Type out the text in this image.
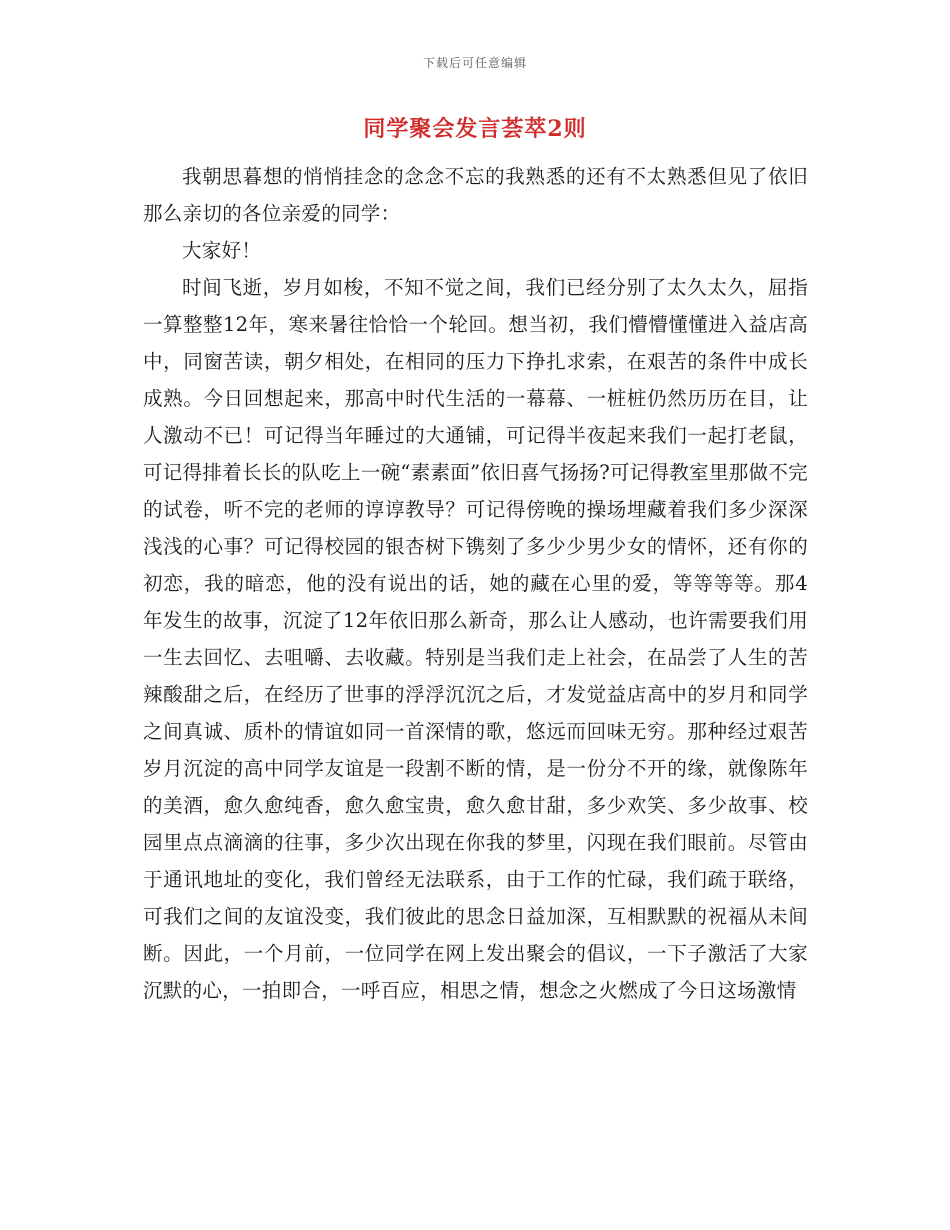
下载后可任意编辑
同学聚会发言荟萃2则

我朝思暮想的悄悄挂念的念念不忘的我熟悉的还有不太熟悉但见了依旧那么亲切的各位亲爱的同学：

大家好！

时间飞逝，岁月如梭，不知不觉之间，我们已经分别了太久太久，屈指一算整整12年，寒来暑往恰恰一个轮回。想当初，我们懵懵懂懂进入益店高中，同窗苦读，朝夕相处，在相同的压力下挣扎求索，在艰苦的条件中成长成熟。今日回想起来，那高中时代生活的一幕幕、一桩桩仍然历历在目，让人激动不已！可记得当年睡过的大通铺，可记得半夜起来我们一起打老鼠，可记得排着长长的队吃上一碗“素素面”依旧喜气扬扬?可记得教室里那做不完的试卷，听不完的老师的谆谆教导？可记得傍晚的操场埋藏着我们多少深深浅浅的心事？可记得校园的银杏树下镌刻了多少少男少女的情怀，还有你的初恋，我的暗恋，他的没有说出的话，她的藏在心里的爱，等等等等。那4年发生的故事，沉淀了12年依旧那么新奇，那么让人感动，也许需要我们用一生去回忆、去咀嚼、去收藏。特别是当我们走上社会，在品尝了人生的苦辣酸甜之后，在经历了世事的浮浮沉沉之后，才发觉益店高中的岁月和同学之间真诚、质朴的情谊如同一首深情的歌，悠远而回味无穷。那种经过艰苦岁月沉淀的高中同学友谊是一段割不断的情，是一份分不开的缘，就像陈年的美酒，愈久愈纯香，愈久愈宝贵，愈久愈甘甜，多少欢笑、多少故事、校园里点点滴滴的往事，多少次出现在你我的梦里，闪现在我们眼前。尽管由于通讯地址的变化，我们曾经无法联系，由于工作的忙碌，我们疏于联络，可我们之间的友谊没变，我们彼此的思念日益加深，互相默默的祝福从未间断。因此，一个月前，一位同学在网上发出聚会的倡议，一下子激活了大家沉默的心，一拍即合，一呼百应，相思之情，想念之火燃成了今日这场激情
